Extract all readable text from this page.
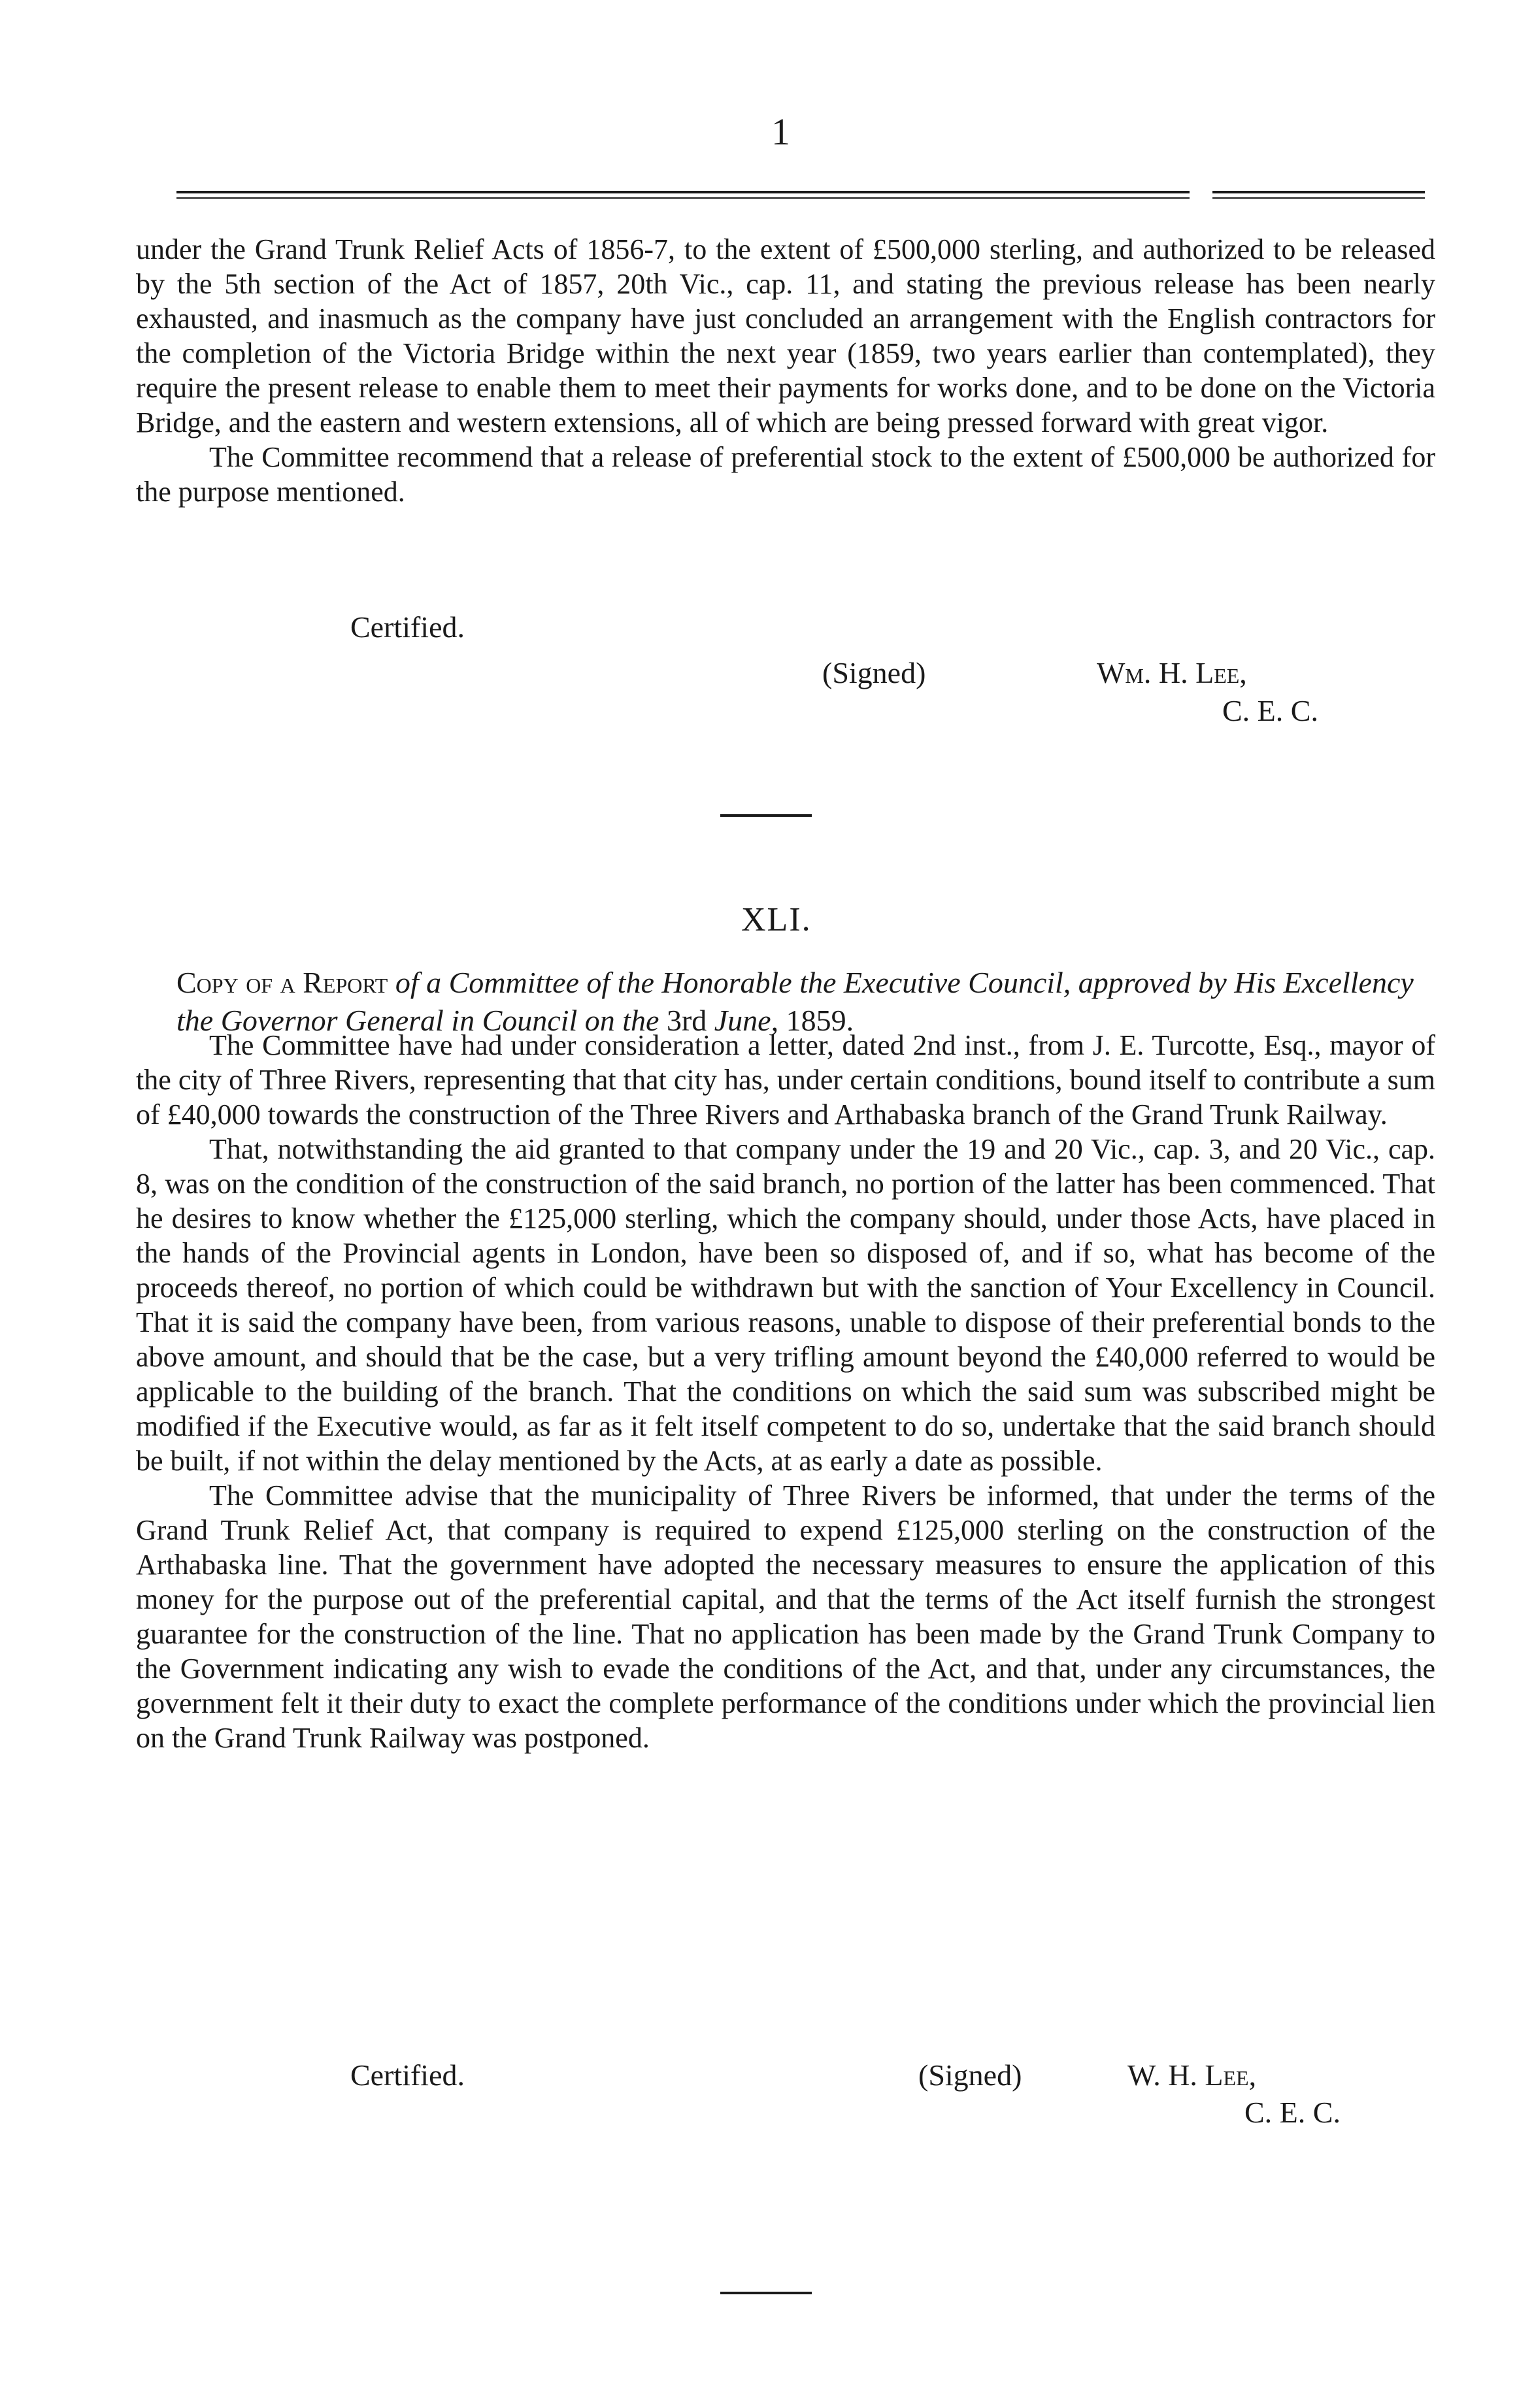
1

under the Grand Trunk Relief Acts of 1856-7, to the extent of £500,000 sterling, and authorized to be released by the 5th section of the Act of 1857, 20th Vic., cap. 11, and stating the previous release has been nearly exhausted, and inasmuch as the company have just concluded an arrangement with the English contractors for the completion of the Victoria Bridge within the next year (1859, two years earlier than contemplated), they require the present release to enable them to meet their payments for works done, and to be done on the Victoria Bridge, and the eastern and western extensions, all of which are being pressed forward with great vigor.

The Committee recommend that a release of preferential stock to the extent of £500,000 be authorized for the purpose mentioned.

Certified.
(Signed)	Wm. H. Lee,
C. E. C.
XLI.
Copy of a Report of a Committee of the Honorable the Executive Council, approved by His Excellency the Governor General in Council on the 3rd June, 1859.

The Committee have had under consideration a letter, dated 2nd inst., from J. E. Turcotte, Esq., mayor of the city of Three Rivers, representing that that city has, under certain conditions, bound itself to contribute a sum of £40,000 towards the construction of the Three Rivers and Arthabaska branch of the Grand Trunk Railway.

That, notwithstanding the aid granted to that company under the 19 and 20 Vic., cap. 3, and 20 Vic., cap. 8, was on the condition of the construction of the said branch, no portion of the latter has been commenced. That he desires to know whether the £125,000 sterling, which the company should, under those Acts, have placed in the hands of the Provincial agents in London, have been so disposed of, and if so, what has become of the proceeds thereof, no portion of which could be withdrawn but with the sanction of Your Excellency in Council. That it is said the company have been, from various reasons, unable to dispose of their preferential bonds to the above amount, and should that be the case, but a very trifling amount beyond the £40,000 referred to would be applicable to the building of the branch. That the conditions on which the said sum was subscribed might be modified if the Executive would, as far as it felt itself competent to do so, undertake that the said branch should be built, if not within the delay mentioned by the Acts, at as early a date as possible.

The Committee advise that the municipality of Three Rivers be informed, that under the terms of the Grand Trunk Relief Act, that company is required to expend £125,000 sterling on the construction of the Arthabaska line. That the government have adopted the necessary measures to ensure the application of this money for the purpose out of the preferential capital, and that the terms of the Act itself furnish the strongest guarantee for the construction of the line. That no application has been made by the Grand Trunk Company to the Government indicating any wish to evade the conditions of the Act, and that, under any circumstances, the government felt it their duty to exact the complete performance of the conditions under which the provincial lien on the Grand Trunk Railway was postponed.

Certified.	(Signed)	W. H. Lee,
C. E. C.
